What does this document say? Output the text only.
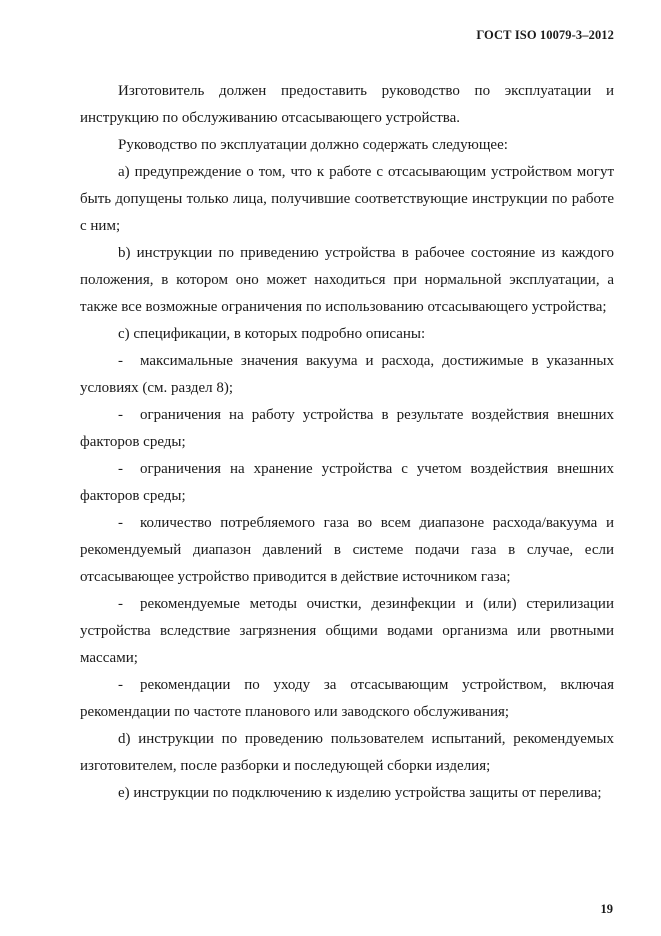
ГОСТ ISO 10079-3–2012

Изготовитель должен предоставить руководство по эксплуатации и инструкцию по обслуживанию отсасывающего устройства.

Руководство по эксплуатации должно содержать следующее:

а) предупреждение о том, что к работе с отсасывающим устройством могут быть допущены только лица, получившие соответствующие инструкции по работе с ним;

b) инструкции по приведению устройства в рабочее состояние из каждого положения, в котором оно может находиться при нормальной эксплуатации, а также все возможные ограничения по использованию отсасывающего устройства;

с) спецификации, в которых подробно описаны:

- максимальные значения вакуума и расхода, достижимые в указанных условиях (см. раздел 8);

- ограничения на работу устройства в результате воздействия внешних факторов среды;

- ограничения на хранение устройства с учетом воздействия внешних факторов среды;

- количество потребляемого газа во всем диапазоне расхода/вакуума и рекомендуемый диапазон давлений в системе подачи газа в случае, если отсасывающее устройство приводится в действие источником газа;

- рекомендуемые методы очистки, дезинфекции и (или) стерилизации устройства вследствие загрязнения общими водами организма или рвотными массами;

- рекомендации по уходу за отсасывающим устройством, включая рекомендации по частоте планового или заводского обслуживания;

d) инструкции по проведению пользователем испытаний, рекомендуемых изготовителем, после разборки и последующей сборки изделия;

е) инструкции по подключению к изделию устройства защиты от перелива;

19
